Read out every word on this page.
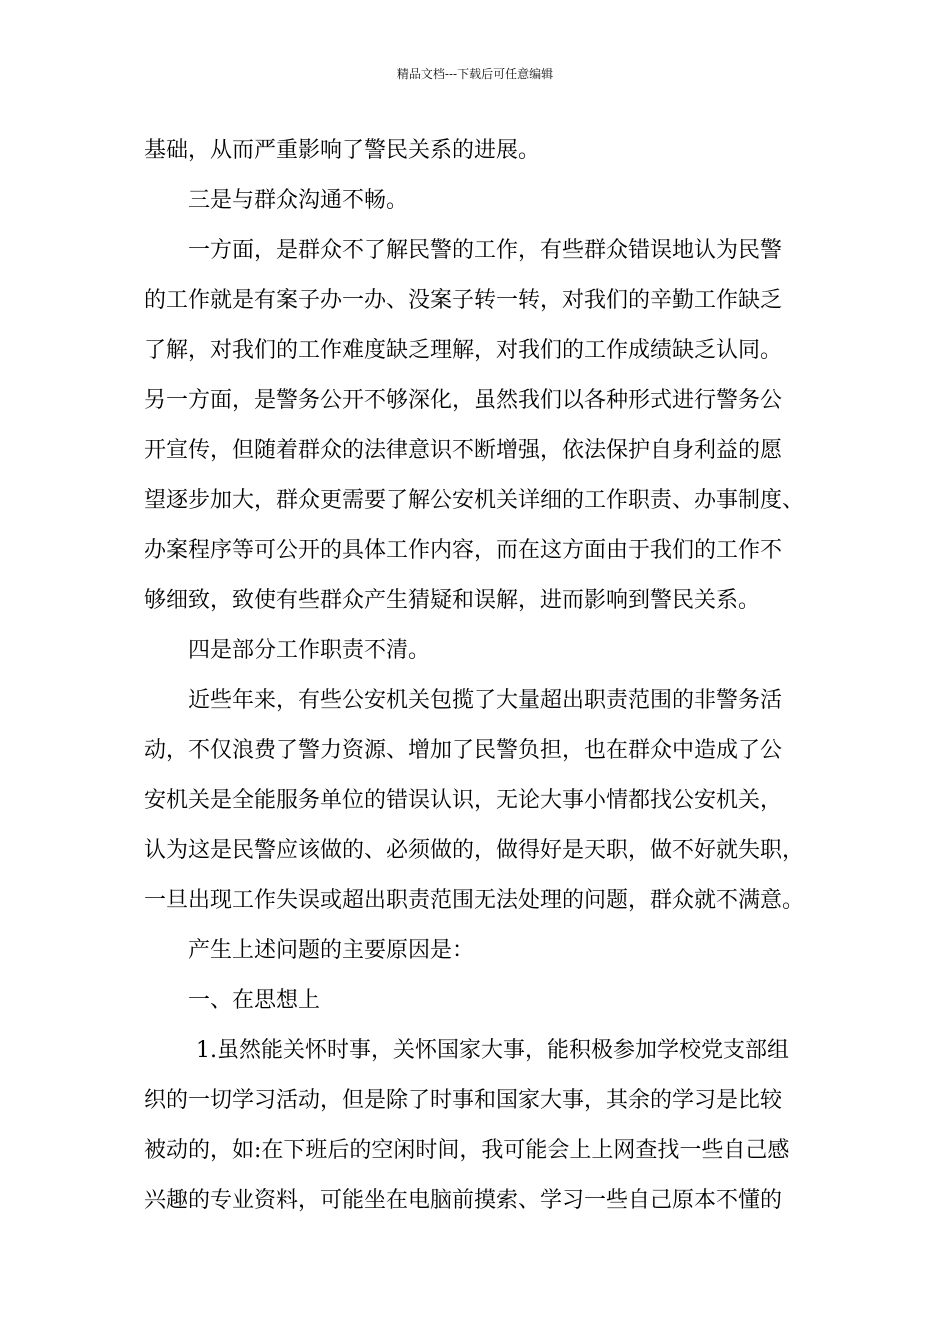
精品文档---下载后可任意编辑
基础，从而严重影响了警民关系的进展。
三是与群众沟通不畅。
一方面，是群众不了解民警的工作，有些群众错误地认为民警
的工作就是有案子办一办、没案子转一转，对我们的辛勤工作缺乏
了解，对我们的工作难度缺乏理解，对我们的工作成绩缺乏认同。
另一方面，是警务公开不够深化，虽然我们以各种形式进行警务公
开宣传，但随着群众的法律意识不断增强，依法保护自身利益的愿
望逐步加大，群众更需要了解公安机关详细的工作职责、办事制度、
办案程序等可公开的具体工作内容，而在这方面由于我们的工作不
够细致，致使有些群众产生猜疑和误解，进而影响到警民关系。
四是部分工作职责不清。
近些年来，有些公安机关包揽了大量超出职责范围的非警务活
动，不仅浪费了警力资源、增加了民警负担，也在群众中造成了公
安机关是全能服务单位的错误认识，无论大事小情都找公安机关，
认为这是民警应该做的、必须做的，做得好是天职，做不好就失职，
一旦出现工作失误或超出职责范围无法处理的问题，群众就不满意。
产生上述问题的主要原因是：
一、在思想上
1.虽然能关怀时事，关怀国家大事，能积极参加学校党支部组
织的一切学习活动，但是除了时事和国家大事，其余的学习是比较
被动的，如:在下班后的空闲时间，我可能会上上网查找一些自己感
兴趣的专业资料，可能坐在电脑前摸索、学习一些自己原本不懂的
